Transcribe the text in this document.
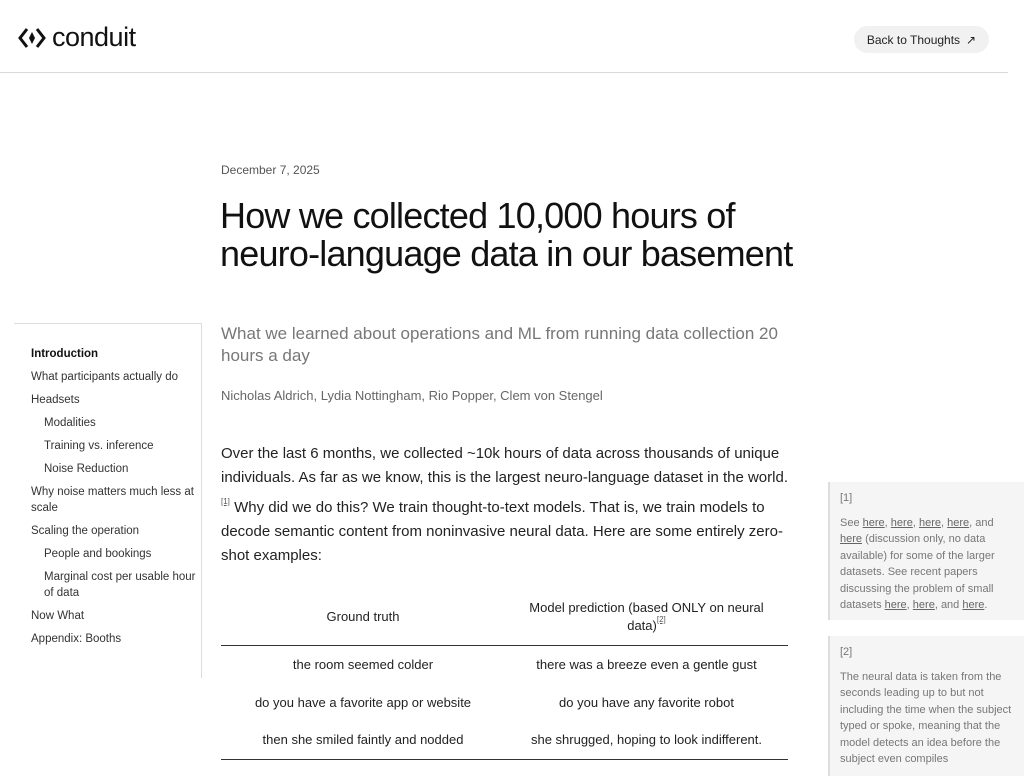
conduit	Back to Thoughts ↗
Introduction
What participants actually do
Headsets
Modalities
Training vs. inference
Noise Reduction
Why noise matters much less at scale
Scaling the operation
People and bookings
Marginal cost per usable hour of data
Now What
Appendix: Booths
December 7, 2025
How we collected 10,000 hours of neuro-language data in our basement
What we learned about operations and ML from running data collection 20 hours a day
Nicholas Aldrich, Lydia Nottingham, Rio Popper, Clem von Stengel

Over the last 6 months, we collected ~10k hours of data across thousands of unique individuals. As far as we know, this is the largest neuro-language dataset in the world.[1] Why did we do this? We train thought-to-text models. That is, we train models to decode semantic content from noninvasive neural data. Here are some entirely zero-shot examples:

Ground truth	Model prediction (based ONLY on neural data)[2]
the room seemed colder	there was a breeze even a gentle gust
do you have a favorite app or website	do you have any favorite robot
then she smiled faintly and nodded	she shrugged, hoping to look indifferent.
[1]
See here, here, here, here, and here (discussion only, no data available) for some of the larger datasets. See recent papers discussing the problem of small datasets here, here, and here.
[2]
The neural data is taken from the seconds leading up to but not including the time when the subject typed or spoke, meaning that the model detects an idea before the subject even compiles
